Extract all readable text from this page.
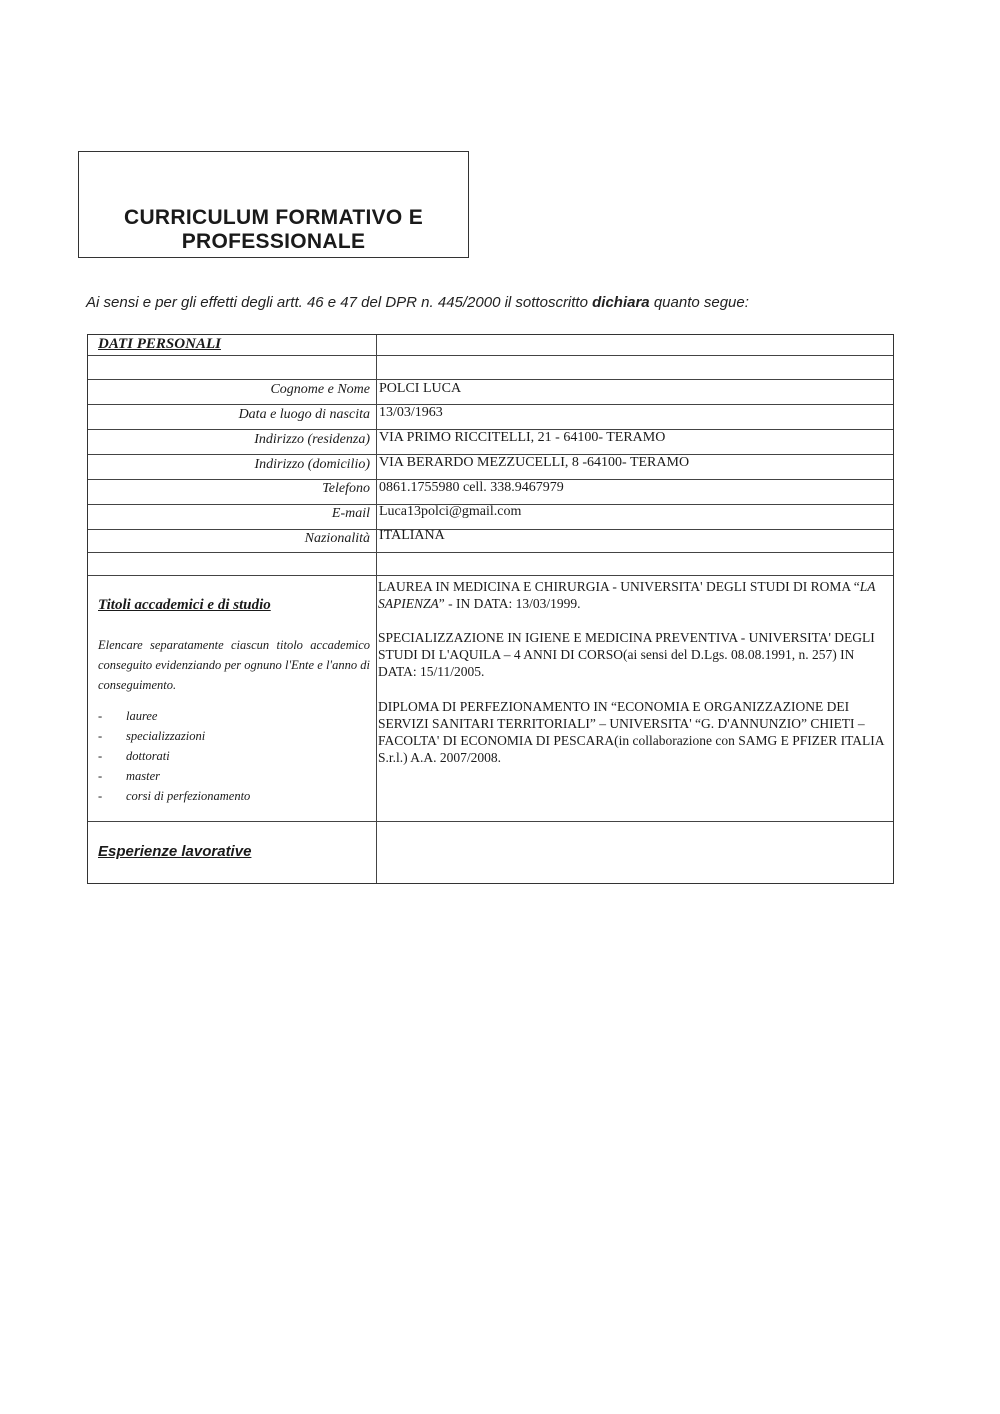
CURRICULUM FORMATIVO E
PROFESSIONALE
Ai sensi e per gli effetti degli artt. 46 e 47 del DPR n. 445/2000 il sottoscritto dichiara quanto segue:
DATI PERSONALI
Cognome e Nome POLCI LUCA
Data e luogo di nascita 13/03/1963
Indirizzo (residenza) VIA PRIMO RICCITELLI, 21 - 64100- TERAMO
Indirizzo (domicilio) VIA BERARDO MEZZUCELLI, 8 -64100- TERAMO
Telefono 0861.1755980 cell. 338.9467979
E-mail Luca13polci@gmail.com
Nazionalità ITALIANA
Titoli accademici e di studio
Elencare separatamente ciascun titolo accademico conseguito evidenziando per ognuno l'Ente e l'anno di conseguimento.
- lauree
- specializzazioni
- dottorati
- master
- corsi di perfezionamento
LAUREA IN MEDICINA E CHIRURGIA - UNIVERSITA' DEGLI STUDI DI ROMA “LA SAPIENZA” - IN DATA: 13/03/1999.
SPECIALIZZAZIONE IN IGIENE E MEDICINA PREVENTIVA - UNIVERSITA' DEGLI STUDI DI L'AQUILA – 4 ANNI DI CORSO(ai sensi del D.Lgs. 08.08.1991, n. 257) IN DATA: 15/11/2005.
DIPLOMA DI PERFEZIONAMENTO IN “ECONOMIA E ORGANIZZAZIONE DEI SERVIZI SANITARI TERRITORIALI” – UNIVERSITA' “G. D'ANNUNZIO” CHIETI – FACOLTA' DI ECONOMIA DI PESCARA(in collaborazione con SAMG E PFIZER ITALIA S.r.l.) A.A. 2007/2008.
Esperienze lavorative
